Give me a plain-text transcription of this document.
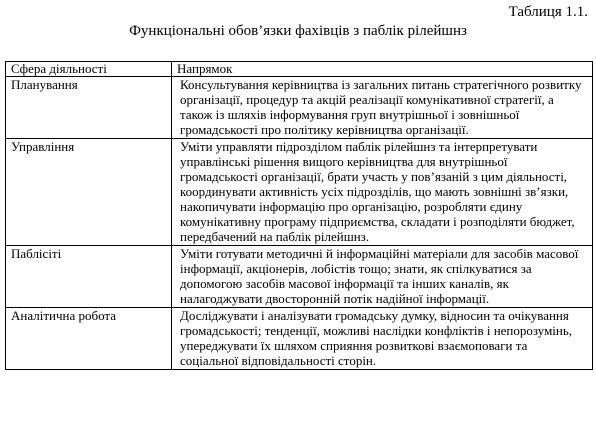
Таблиця 1.1.
Функціональні обов’язки фахівців з паблік рілейшнз
Сфера діяльності	Напрямок
Планування	Консультування керівництва із загальних питань стратегічного розвитку організації, процедур та акцій реалізації комунікативної стратегії, а також із шляхів інформування груп внутрішньої і зовнішньої громадськості про політику керівництва організації.
Управління	Уміти управляти підрозділом паблік рілейшнз та інтерпретувати управлінські рішення вищого керівництва для внутрішньої громадськості організації, брати участь у пов’язаній з цим діяльності, координувати активність усіх підрозділів, що мають зовнішні зв’язки, накопичувати інформацію про організацію, розробляти єдину комунікативну програму підприємства, складати і розподіляти бюджет, передбачений на паблік рілейшнз.
Паблісіті	Уміти готувати методичні й інформаційні матеріали для засобів масової інформації, акціонерів, лобістів тощо; знати, як спілкуватися за допомогою засобів масової інформації та інших каналів, як налагоджувати двосторонній потік надійної інформації.
Аналітична робота	Досліджувати і аналізувати громадську думку, відносин та очікування громадськості; тенденції, можливі наслідки конфліктів і непорозумінь, упереджувати їх шляхом сприяння розвиткові взаємоповаги та соціальної відповідальності сторін.
